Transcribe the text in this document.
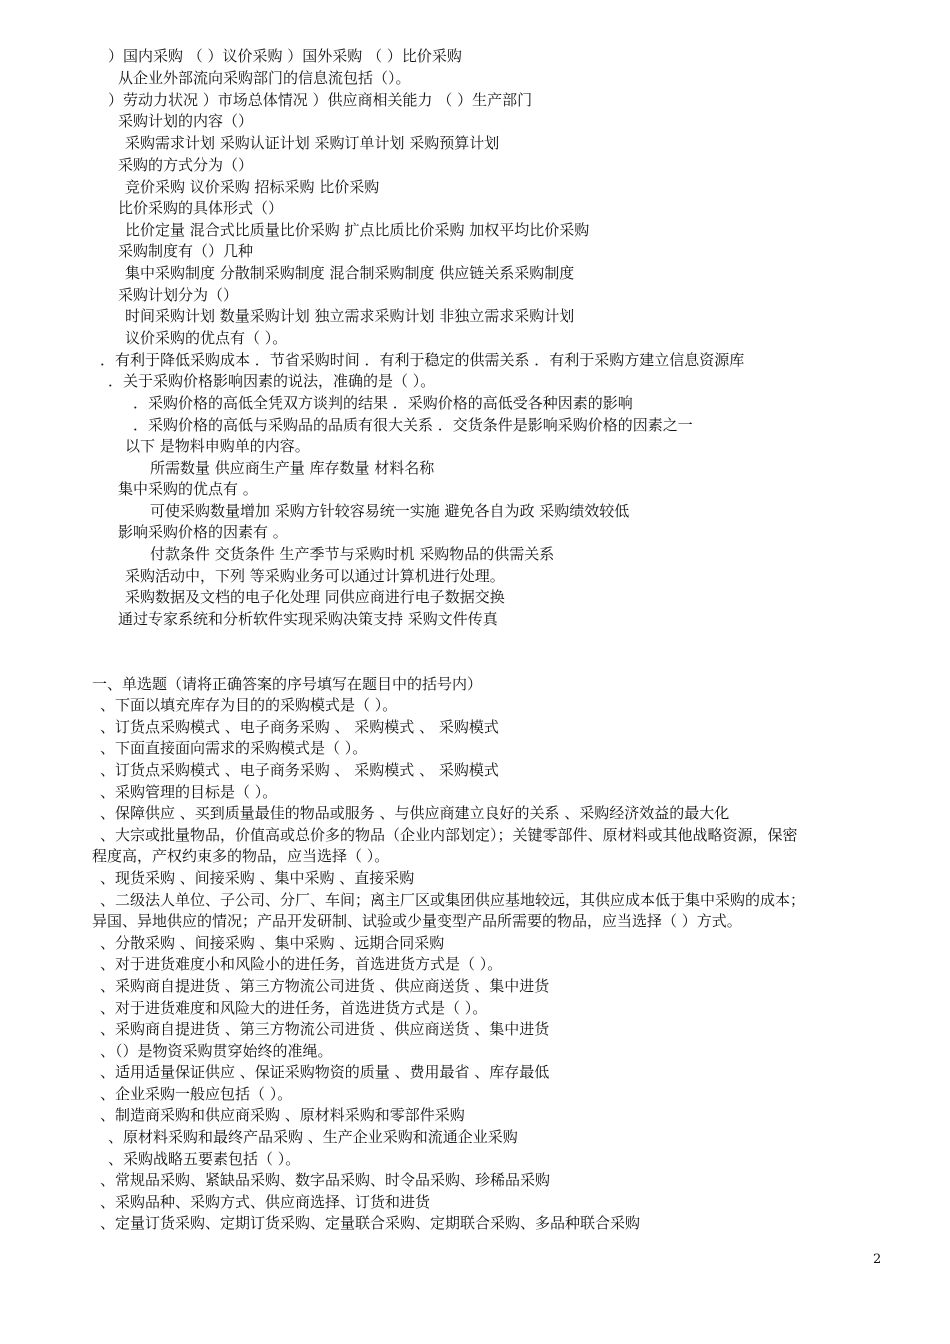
）国内采购 （ ）议价采购 ）国外采购 （ ）比价采购
从企业外部流向采购部门的信息流包括（）。
）劳动力状况 ）市场总体情况 ）供应商相关能力 （ ）生产部门
采购计划的内容（）
采购需求计划 采购认证计划 采购订单计划 采购预算计划
采购的方式分为（）
竞价采购 议价采购 招标采购 比价采购
比价采购的具体形式（）
比价定量 混合式比质量比价采购 扩点比质比价采购 加权平均比价采购
采购制度有（）几种
集中采购制度 分散制采购制度 混合制采购制度 供应链关系采购制度
采购计划分为（）
时间采购计划 数量采购计划 独立需求采购计划 非独立需求采购计划
议价采购的优点有（ ）。
．有利于降低采购成本 ．节省采购时间 ．有利于稳定的供需关系 ．有利于采购方建立信息资源库
．关于采购价格影响因素的说法，准确的是（ ）。
．采购价格的高低全凭双方谈判的结果 ．采购价格的高低受各种因素的影响
．采购价格的高低与采购品的品质有很大关系 ．交货条件是影响采购价格的因素之一
以下 是物料申购单的内容。
所需数量 供应商生产量 库存数量 材料名称
集中采购的优点有 。
可使采购数量增加 采购方针较容易统一实施 避免各自为政 采购绩效较低
影响采购价格的因素有 。
付款条件 交货条件 生产季节与采购时机 采购物品的供需关系
采购活动中，下列 等采购业务可以通过计算机进行处理。
采购数据及文档的电子化处理 同供应商进行电子数据交换
通过专家系统和分析软件实现采购决策支持 采购文件传真
一、单选题（请将正确答案的序号填写在题目中的括号内）
、下面以填充库存为目的的采购模式是（ ）。
、订货点采购模式 、电子商务采购 、 采购模式 、 采购模式
、下面直接面向需求的采购模式是（ ）。
、订货点采购模式 、电子商务采购 、 采购模式 、 采购模式
、采购管理的目标是（ ）。
、保障供应 、买到质量最佳的物品或服务 、与供应商建立良好的关系 、采购经济效益的最大化
、大宗或批量物品，价值高或总价多的物品（企业内部划定）；关键零部件、原材料或其他战略资源，保密
程度高，产权约束多的物品，应当选择（ ）。
、现货采购 、间接采购 、集中采购 、直接采购
、二级法人单位、子公司、分厂、车间；离主厂区或集团供应基地较远，其供应成本低于集中采购的成本；
异国、异地供应的情况；产品开发研制、试验或少量变型产品所需要的物品，应当选择（ ）方式。
、分散采购 、间接采购 、集中采购 、远期合同采购
、对于进货难度小和风险小的进任务，首选进货方式是（ ）。
、采购商自提进货 、第三方物流公司进货 、供应商送货 、集中进货
、对于进货难度和风险大的进任务，首选进货方式是（ ）。
、采购商自提进货 、第三方物流公司进货 、供应商送货 、集中进货
、（）是物资采购贯穿始终的准绳。
、适用适量保证供应 、保证采购物资的质量 、费用最省 、库存最低
、企业采购一般应包括（ ）。
、制造商采购和供应商采购 、原材料采购和零部件采购
、原材料采购和最终产品采购 、生产企业采购和流通企业采购
、采购战略五要素包括（ ）。
、常规品采购、紧缺品采购、数字品采购、时令品采购、珍稀品采购
、采购品种、采购方式、供应商选择、订货和进货
、定量订货采购、定期订货采购、定量联合采购、定期联合采购、多品种联合采购
2
